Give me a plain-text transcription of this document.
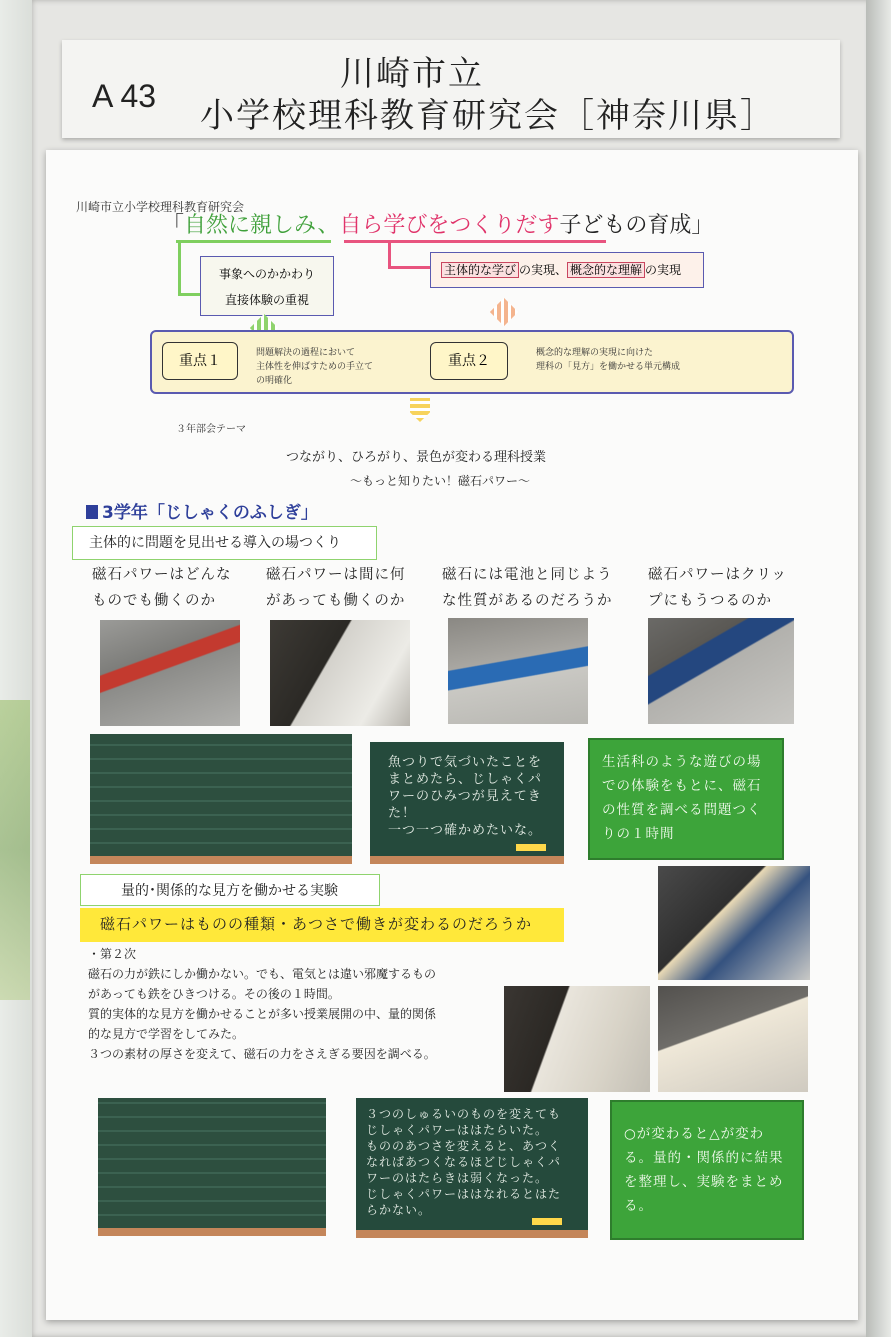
A 43
川崎市立
小学校理科教育研究会［神奈川県］
川崎市立小学校理科教育研究会
「自然に親しみ、自ら学びをつくりだす子どもの育成」
事象へのかかわり
直接体験の重視
主体的な学び の実現、 概念的な理解 の実現
重点１	問題解決の過程において
主体性を伸ばすための手立て
の明確化
重点２	概念的な理解の実現に向けた
理科の「見方」を働かせる単元構成
３年部会テーマ
つながり、ひろがり、景色が変わる理科授業
〜もっと知りたい！磁石パワー〜
3学年「じしゃくのふしぎ」
主体的に問題を見出せる導入の場つくり
磁石パワーはどんな
ものでも働くのか
磁石パワーは間に何
があっても働くのか
磁石には電池と同じよう
な性質があるのだろうか
磁石パワーはクリッ
プにもうつるのか
魚つりで気づいたことを
まとめたら、じしゃくパ
ワーのひみつが見えてき
た！
一つ一つ確かめたいな。
生活科のような遊びの場
での体験をもとに、磁石
の性質を調べる問題つく
りの１時間
量的･関係的な見方を働かせる実験
磁石パワーはものの種類・あつさで働きが変わるのだろうか
・第２次
磁石の力が鉄にしか働かない。でも、電気とは違い邪魔するもの
があっても鉄をひきつける。その後の１時間。
質的実体的な見方を働かせることが多い授業展開の中、量的関係
的な見方で学習をしてみた。
３つの素材の厚さを変えて、磁石の力をさえぎる要因を調べる。
３つのしゅるいのものを変えても
じしゃくパワーははたらいた。
もののあつさを変えると、あつく
なればあつくなるほどじしゃくパ
ワーのはたらきは弱くなった。
じしゃくパワーははなれるとはた
らかない。
○が変わると△が変わ
る。量的・関係的に結果
を整理し、実験をまとめ
る。
